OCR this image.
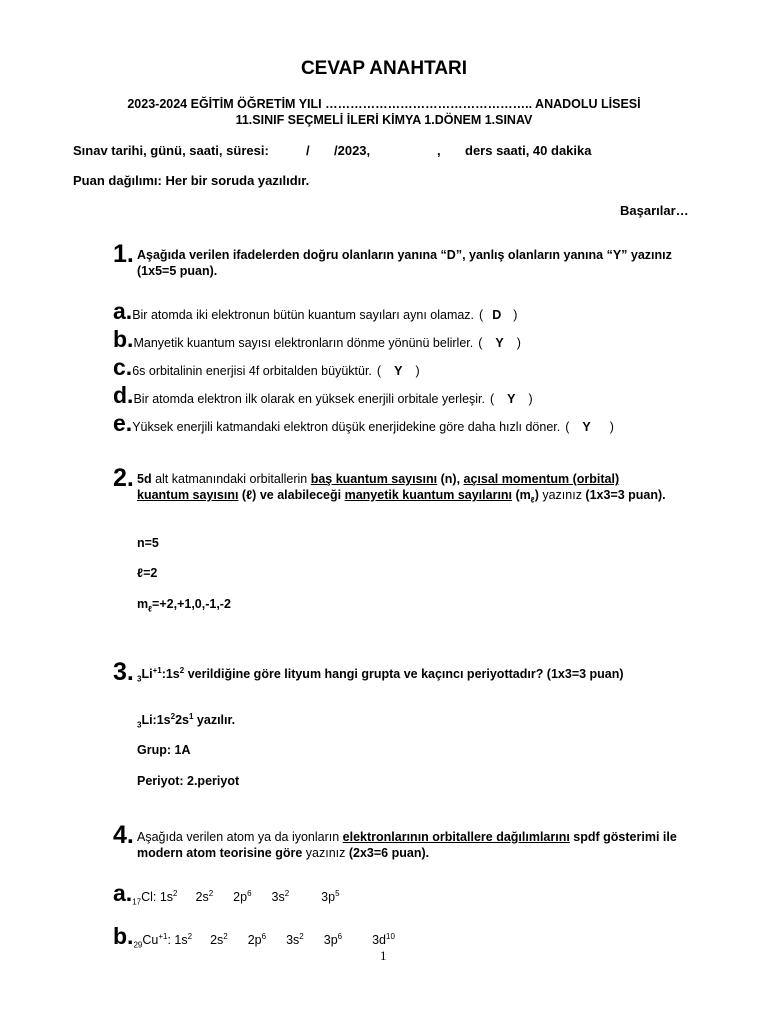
CEVAP ANAHTARI
2023-2024 EĞİTİM ÖĞRETİM YILI ………………………………………….. ANADOLU LİSESİ
11.SINIF SEÇMELİ İLERİ KİMYA 1.DÖNEM 1.SINAV
Sınav tarihi, günü, saati, süresi:	/ /2023,	, ders saati, 40 dakika
Puan dağılımı: Her bir soruda yazılıdır.
Başarılar…
1. Aşağıda verilen ifadelerden doğru olanların yanına “D”, yanlış olanların yanına “Y” yazınız (1x5=5 puan).
a.Bir atomda iki elektronun bütün kuantum sayıları aynı olamaz. ( D )
b.Manyetik kuantum sayısı elektronların dönme yönünü belirler. ( Y )
c.6s orbitalinin enerjisi 4f orbitalden büyüktür. ( Y )
d.Bir atomda elektron ilk olarak en yüksek enerjili orbitale yerleşir. ( Y )
e.Yüksek enerjili katmandaki elektron düşük enerjidekine göre daha hızlı döner. ( Y )
2. 5d alt katmanındaki orbitallerin baş kuantum sayısını (n), açısal momentum (orbital) kuantum sayısını (ℓ) ve alabileceği manyetik kuantum sayılarını $(m_\ell)$ yazınız (1x3=3 puan).
n=5
ℓ=2
$m_\ell=+2,+1,0,-1,-2$
3. $_3Li^{+1}:1s^2$ verildiğine göre lityum hangi grupta ve kaçıncı periyottadır? (1x3=3 puan)
$_3Li:1s^22s^1$ yazılır.
Grup: 1A
Periyot: 2.periyot
4. Aşağıda verilen atom ya da iyonların elektronlarının orbitallere dağılımlarını spdf gösterimi ile modern atom teorisine göre yazınız (2x3=6 puan).
$a._{17}Cl$: $1s^2$ $2s^2$ $2p^6$ $3s^2$	$3p^5$
$b._{29}Cu^{+1}$: $1s^2$ $2s^2$ $2p^6$ $3s^2$ $3p^6$ $3d^{10}$
1
